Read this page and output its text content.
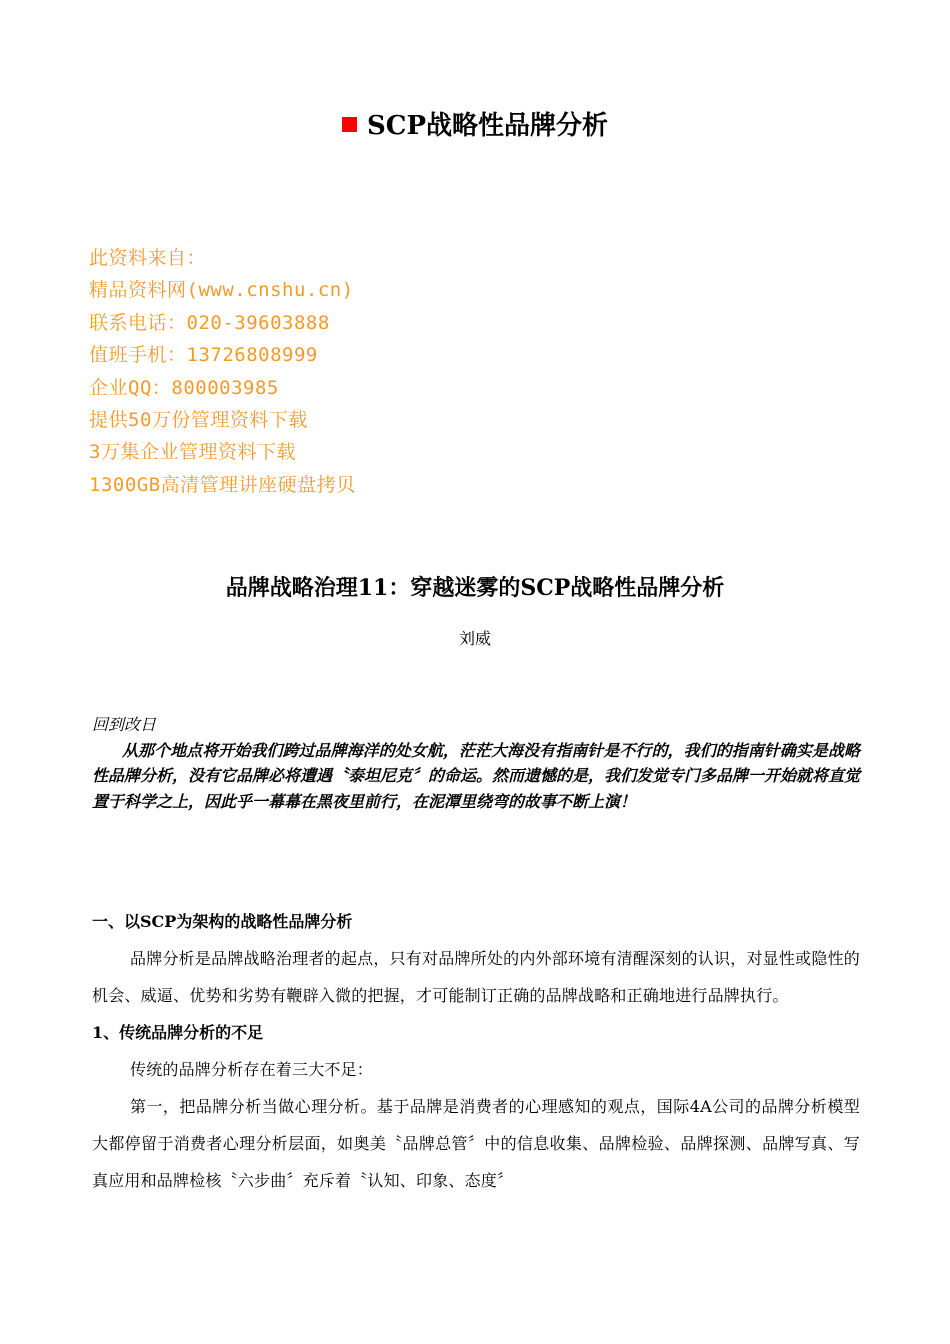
SCP战略性品牌分析
此资料来自：
精品资料网(www.cnshu.cn)
联系电话：020-39603888
值班手机：13726808999
企业QQ：800003985
提供50万份管理资料下载
3万集企业管理资料下载
1300GB高清管理讲座硬盘拷贝
品牌战略治理11：穿越迷雾的SCP战略性品牌分析
刘威
回到改日
从那个地点将开始我们跨过品牌海洋的处女航，茫茫大海没有指南针是不行的，我们的指南针确实是战略性品牌分析，没有它品牌必将遭遇〝泰坦尼克〞的命运。然而遗憾的是，我们发觉专门多品牌一开始就将直觉置于科学之上，因此乎一幕幕在黑夜里前行，在泥潭里绕弯的故事不断上演！
一、以SCP为架构的战略性品牌分析
品牌分析是品牌战略治理者的起点，只有对品牌所处的内外部环境有清醒深刻的认识，对显性或隐性的机会、威逼、优势和劣势有鞭辟入微的把握，才可能制订正确的品牌战略和正确地进行品牌执行。
1、传统品牌分析的不足
传统的品牌分析存在着三大不足：
第一，把品牌分析当做心理分析。基于品牌是消费者的心理感知的观点，国际4A公司的品牌分析模型大都停留于消费者心理分析层面，如奥美〝品牌总管〞中的信息收集、品牌检验、品牌探测、品牌写真、写真应用和品牌检核〝六步曲〞充斥着〝认知、印象、态度〞
